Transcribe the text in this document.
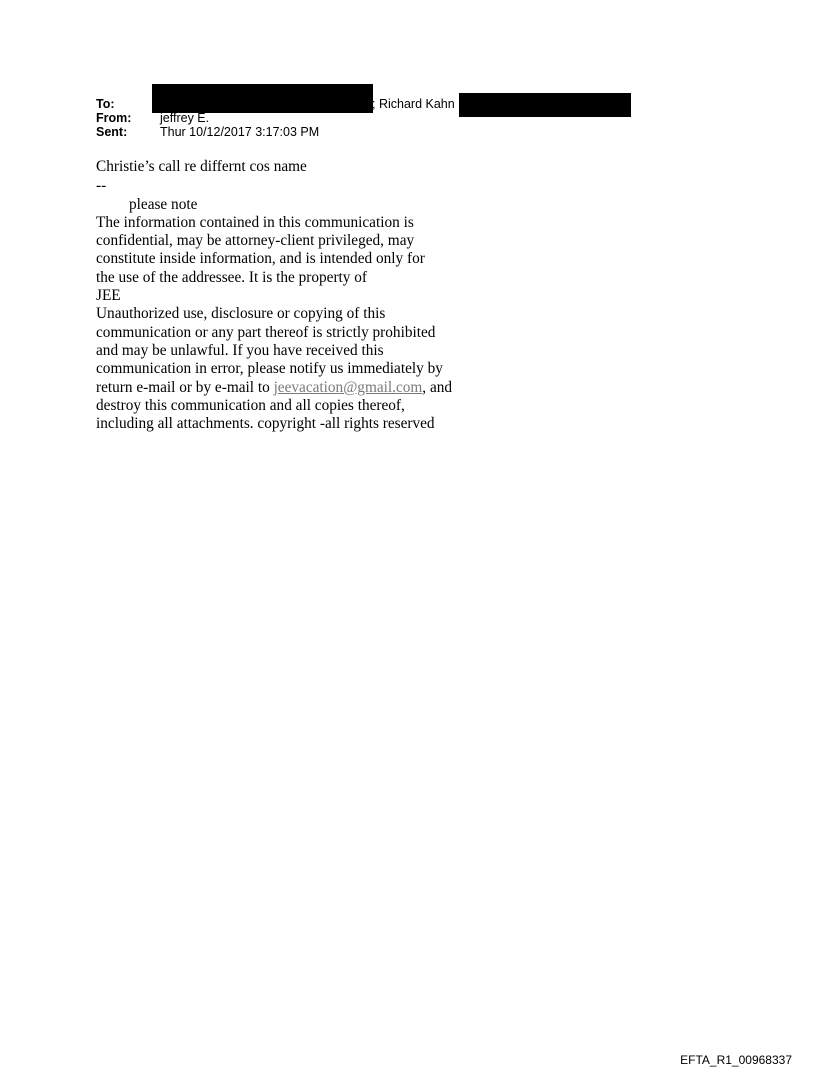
To:	; Richard Kahn
From: jeffrey E.
Sent:	Thur 10/12/2017 3:17:03 PM

Christie’s call re differnt cos name

--

please note

The information contained in this communication is

confidential, may be attorney-client privileged, may

constitute inside information, and is intended only for

the use of the addressee. It is the property of

JEE

Unauthorized use, disclosure or copying of this

communication or any part thereof is strictly prohibited

and may be unlawful. If you have received this

communication in error, please notify us immediately by

return e-mail or by e-mail to jeevacation@gmail.com, and

destroy this communication and all copies thereof,

including all attachments. copyright -all rights reserved

EFTA_R1_00968337
